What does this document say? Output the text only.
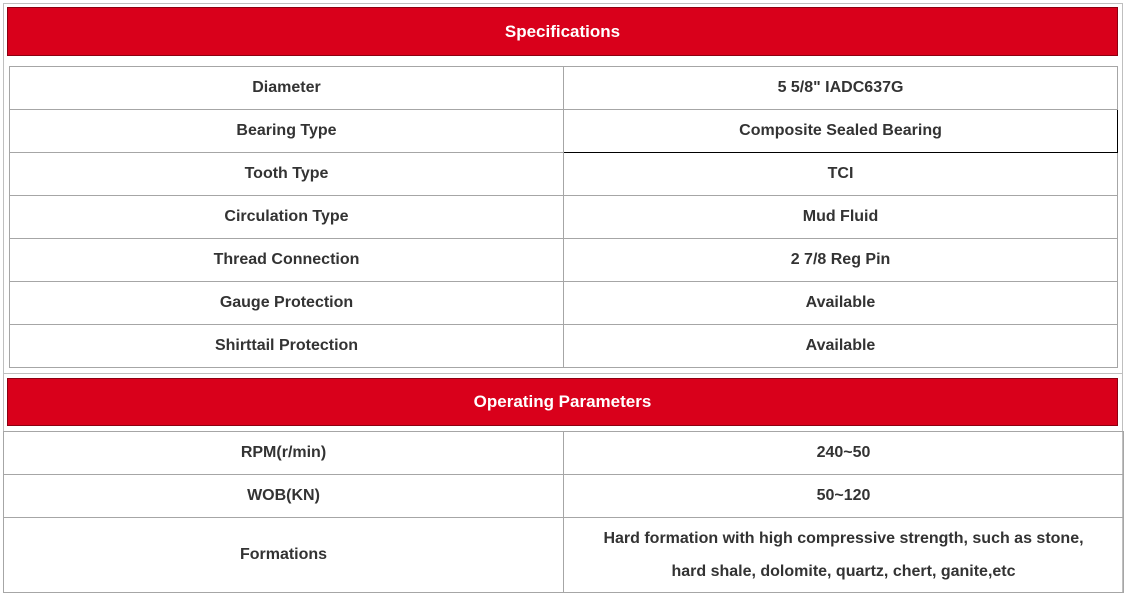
Specifications
Diameter	5 5/8" IADC637G
Bearing Type	Composite Sealed Bearing
Tooth Type	TCI
Circulation Type	Mud Fluid
Thread Connection	2 7/8 Reg Pin
Gauge Protection	Available
Shirttail Protection	Available
Operating Parameters
RPM(r/min)	240~50
WOB(KN)	50~120
Formations	Hard formation with high compressive strength, such as stone,
hard shale, dolomite, quartz, chert, ganite,etc
